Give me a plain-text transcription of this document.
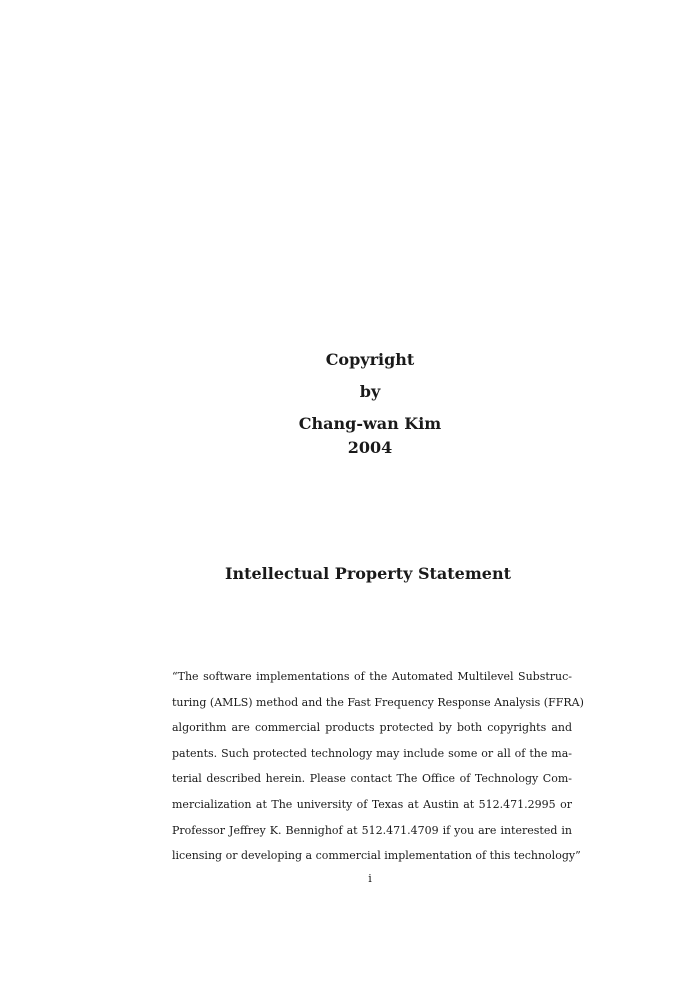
Copyright
by
Chang-wan Kim
2004
Intellectual Property Statement
“The software implementations of the Automated Multilevel Substruc-
turing (AMLS) method and the Fast Frequency Response Analysis (FFRA)
algorithm are commercial products protected by both copyrights and
patents. Such protected technology may include some or all of the ma-
terial described herein. Please contact The Office of Technology Com-
mercialization at The university of Texas at Austin at 512.471.2995 or
Professor Jeffrey K. Bennighof at 512.471.4709 if you are interested in
licensing or developing a commercial implementation of this technology”
i
